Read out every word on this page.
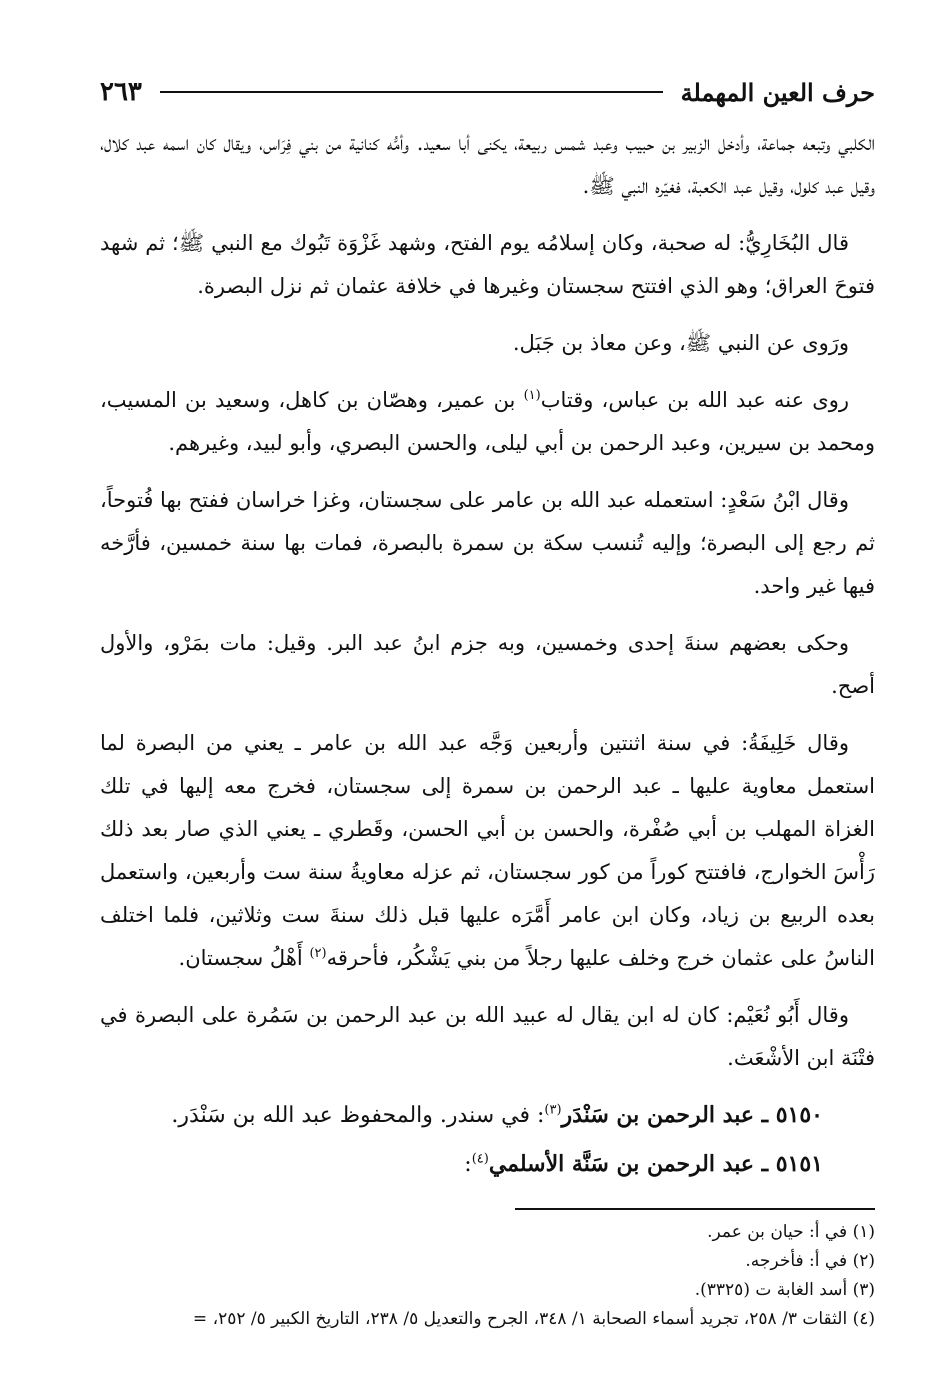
حرف العين المهملة
٢٦٣

الكلبي وتبعه جماعة، وأدخل الزبير بن حبيب وعبد شمس ربيعة، يكنى أبا سعيد. وأمُّه كنانية من بني فِرَاس، ويقال كان اسمه عبد كلال، وقيل عبد كلول، وقيل عبد الكعبة، فغيّره النبي ﷺ.

قال البُخَارِيُّ: له صحبة، وكان إسلامُه يوم الفتح، وشهد غَزْوَة تَبُوك مع النبي ﷺ؛ ثم شهد فتوحَ العراق؛ وهو الذي افتتح سجستان وغيرها في خلافة عثمان ثم نزل البصرة.

ورَوى عن النبي ﷺ، وعن معاذ بن جَبَل.

روى عنه عبد الله بن عباس، وقتاب$^{(١)}$ بن عمير، وهصّان بن كاهل، وسعيد بن المسيب، ومحمد بن سيرين، وعبد الرحمن بن أبي ليلى، والحسن البصري، وأبو لبيد، وغيرهم.

وقال ابْنُ سَعْدٍ: استعمله عبد الله بن عامر على سجستان، وغزا خراسان ففتح بها فُتوحاً، ثم رجع إلى البصرة؛ وإليه تُنسب سكة بن سمرة بالبصرة، فمات بها سنة خمسين، فأرَّخه فيها غير واحد.

وحكى بعضهم سنةَ إحدى وخمسين، وبه جزم ابنُ عبد البر. وقيل: مات بمَرْو، والأول أصح.

وقال خَلِيفَةُ: في سنة اثنتين وأربعين وَجَّه عبد الله بن عامر ـ يعني من البصرة لما استعمل معاوية عليها ـ عبد الرحمن بن سمرة إلى سجستان، فخرج معه إليها في تلك الغزاة المهلب بن أبي صُفْرة، والحسن بن أبي الحسن، وقَطري ـ يعني الذي صار بعد ذلك رَأْسَ الخوارج، فافتتح كوراً من كور سجستان، ثم عزله معاويةُ سنة ست وأربعين، واستعمل بعده الربيع بن زياد، وكان ابن عامر أَمَّرَه عليها قبل ذلك سنةَ ست وثلاثين، فلما اختلف الناسُ على عثمان خرج وخلف عليها رجلاً من بني يَشْكُر، فأحرقه$^{(٢)}$ أَهْلُ سجستان.

وقال أَبُو نُعَيْم: كان له ابن يقال له عبيد الله بن عبد الرحمن بن سَمُرة على البصرة في فتْنَة ابن الأشْعَث.

٥١٥٠ ـ عبد الرحمن بن سَنْدَر$^{(٣)}$: في سندر. والمحفوظ عبد الله بن سَنْدَر.

٥١٥١ ـ عبد الرحمن بن سَنَّة الأسلمي$^{(٤)}$:

(١) في أ: حيان بن عمر.

(٢) في أ: فأخرجه.

(٣) أسد الغابة ت (٣٣٢٥).

(٤) الثقات ٣/ ٢٥٨، تجريد أسماء الصحابة ١/ ٣٤٨، الجرح والتعديل ٥/ ٢٣٨، التاريخ الكبير ٥/ ٢٥٢، =
